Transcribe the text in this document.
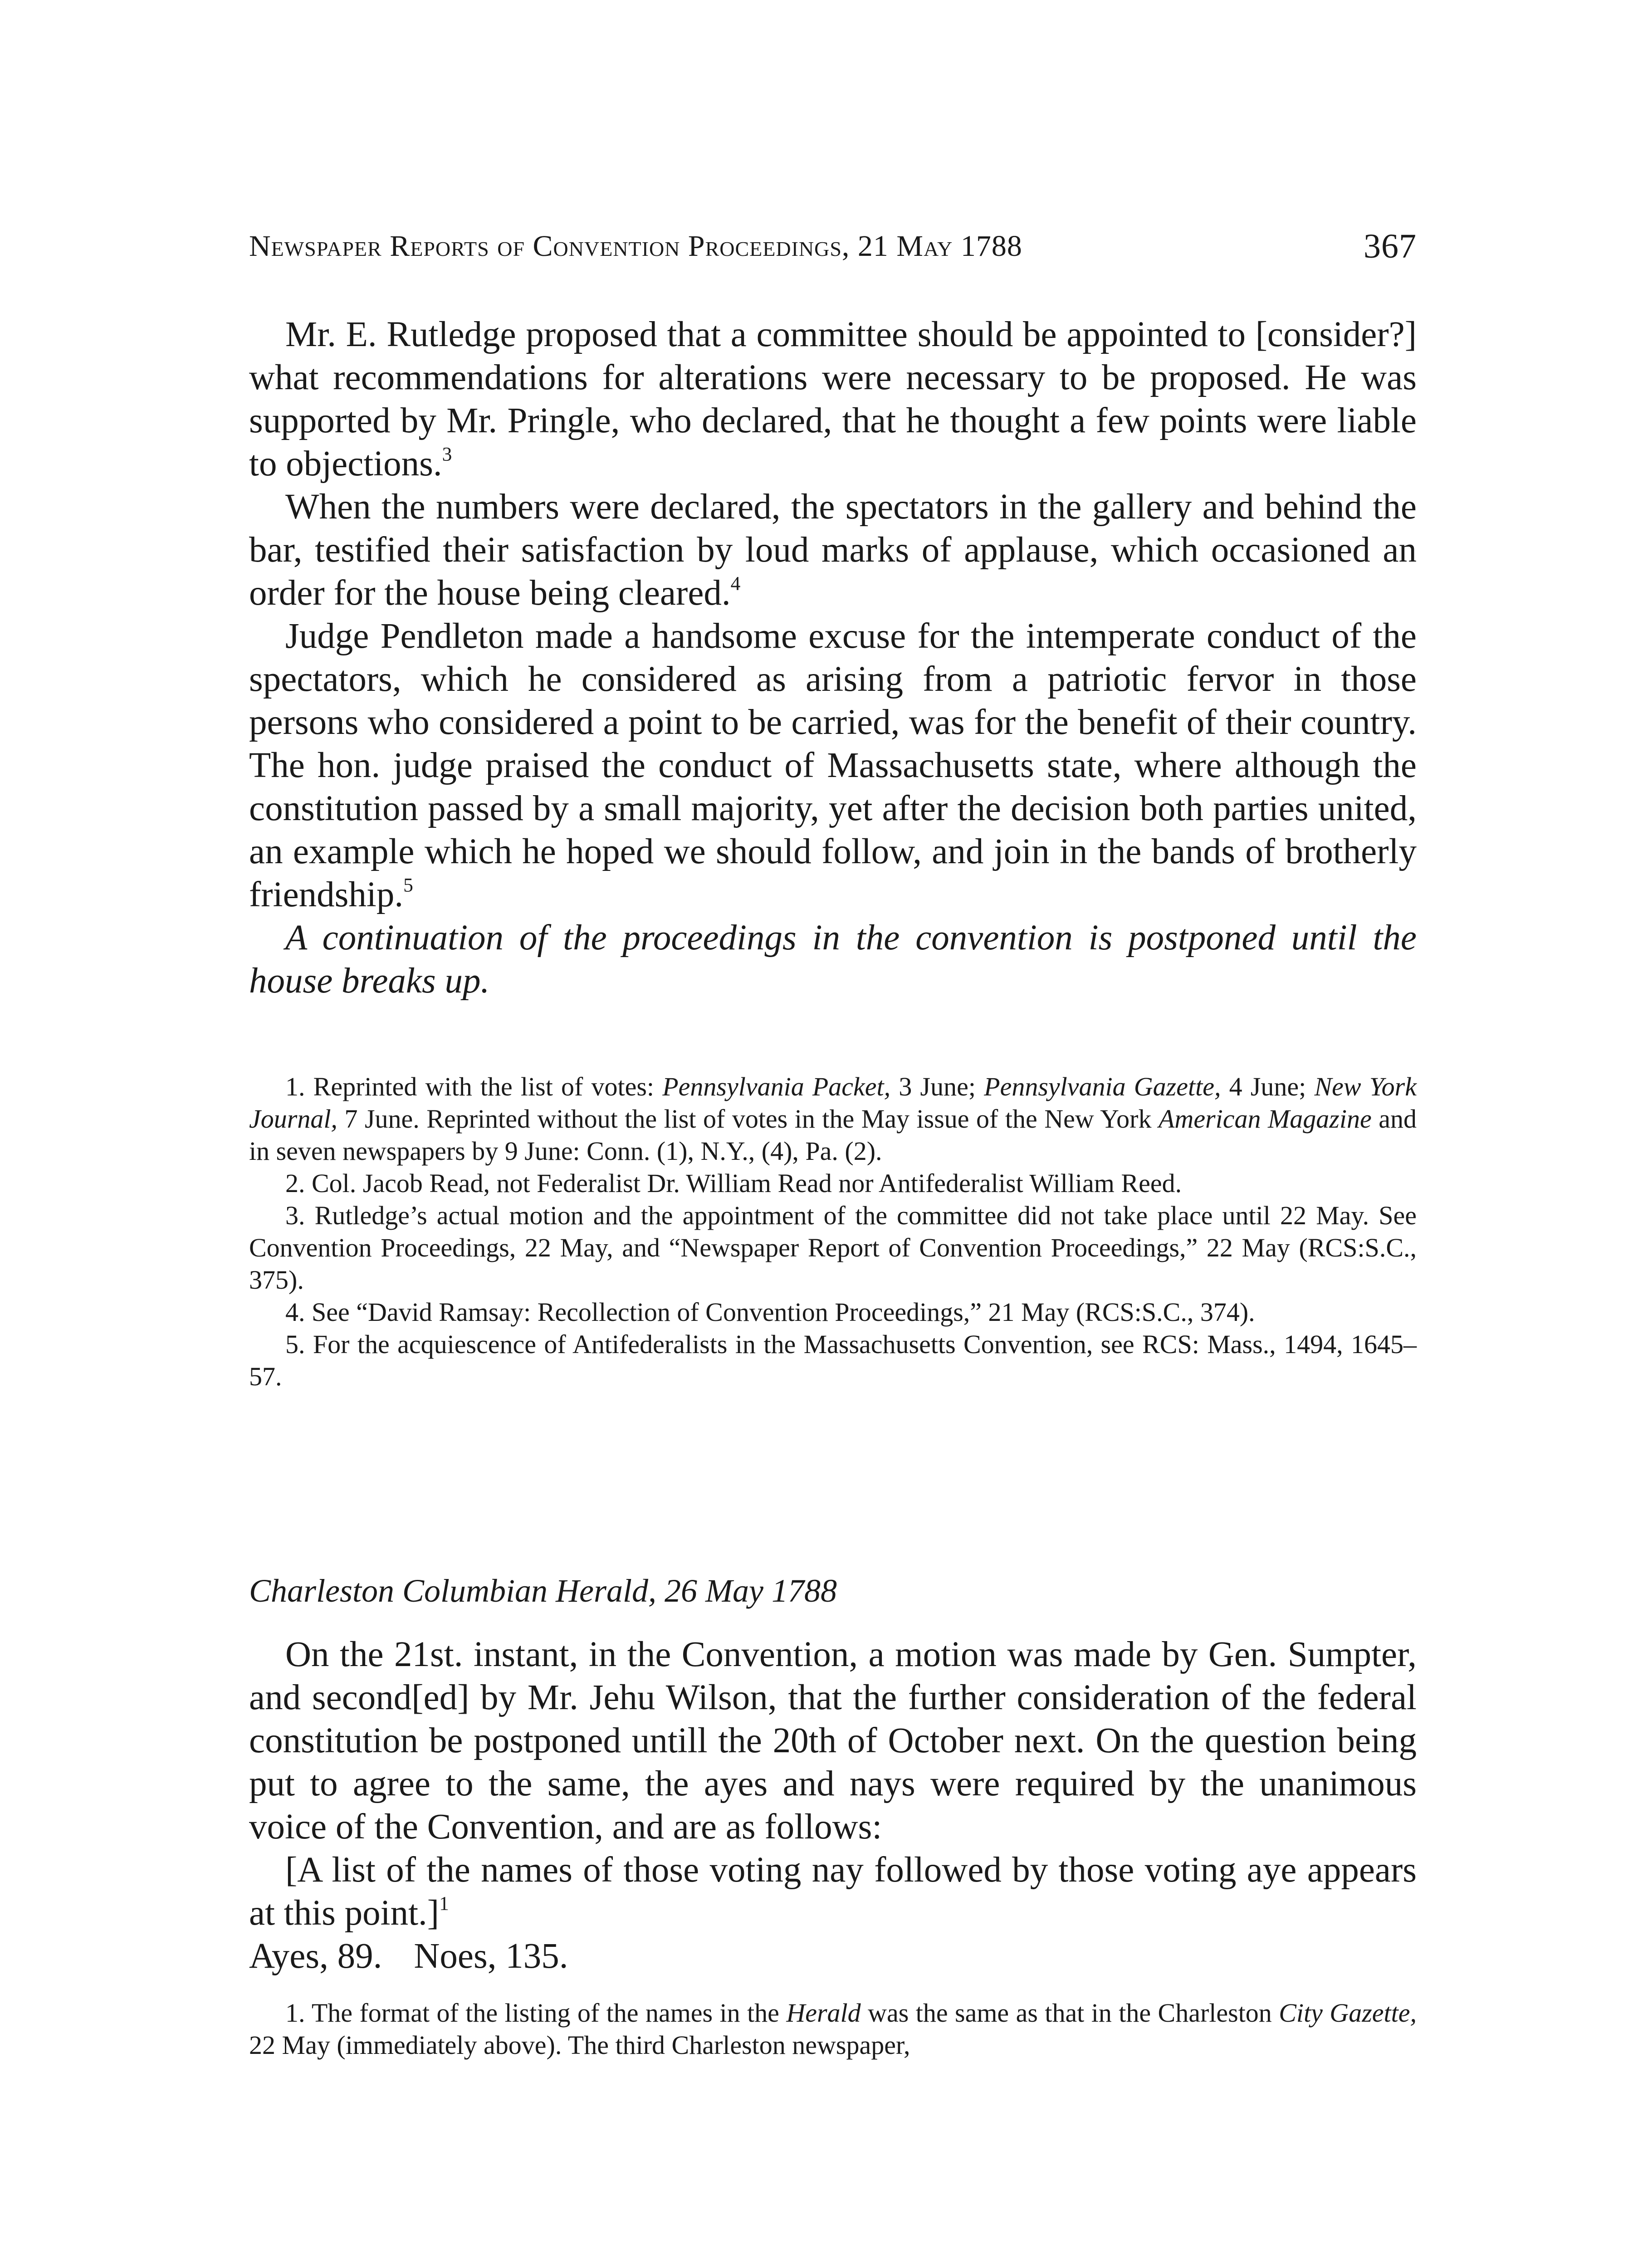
Newspaper Reports of Convention Proceedings, 21 May 1788	367

Mr. E. Rutledge proposed that a committee should be appointed to [consider?] what recommendations for alterations were necessary to be proposed. He was supported by Mr. Pringle, who declared, that he thought a few points were liable to objections.$^3$

When the numbers were declared, the spectators in the gallery and behind the bar, testified their satisfaction by loud marks of applause, which occasioned an order for the house being cleared.$^4$

Judge Pendleton made a handsome excuse for the intemperate conduct of the spectators, which he considered as arising from a patriotic fervor in those persons who considered a point to be carried, was for the benefit of their country. The hon. judge praised the conduct of Massachusetts state, where although the constitution passed by a small majority, yet after the decision both parties united, an example which he hoped we should follow, and join in the bands of brotherly friendship.$^5$

A continuation of the proceedings in the convention is postponed until the house breaks up.

1. Reprinted with the list of votes: Pennsylvania Packet, 3 June; Pennsylvania Gazette, 4 June; New York Journal, 7 June. Reprinted without the list of votes in the May issue of the New York American Magazine and in seven newspapers by 9 June: Conn. (1), N.Y., (4), Pa. (2).

2. Col. Jacob Read, not Federalist Dr. William Read nor Antifederalist William Reed.

3. Rutledge’s actual motion and the appointment of the committee did not take place until 22 May. See Convention Proceedings, 22 May, and “Newspaper Report of Convention Proceedings,” 22 May (RCS:S.C., 375).

4. See “David Ramsay: Recollection of Convention Proceedings,” 21 May (RCS:S.C., 374).

5. For the acquiescence of Antifederalists in the Massachusetts Convention, see RCS: Mass., 1494, 1645–57.

Charleston Columbian Herald, 26 May 1788

On the 21st. instant, in the Convention, a motion was made by Gen. Sumpter, and second[ed] by Mr. Jehu Wilson, that the further consideration of the federal constitution be postponed untill the 20th of October next. On the question being put to agree to the same, the ayes and nays were required by the unanimous voice of the Convention, and are as follows:

[A list of the names of those voting nay followed by those voting aye appears at this point.]$^1$

Ayes, 89. Noes, 135.

1. The format of the listing of the names in the Herald was the same as that in the Charleston City Gazette, 22 May (immediately above). The third Charleston newspaper,
